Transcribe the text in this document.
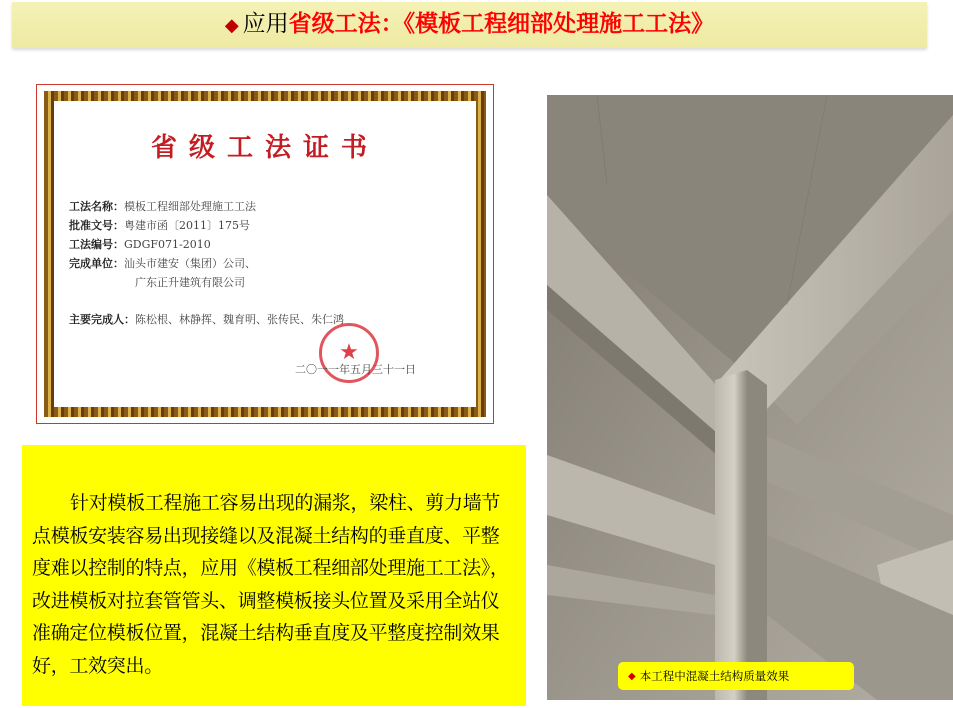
◆ 应用省级工法：《模板工程细部处理施工工法》
省级工法证书
工法名称： 模板工程细部处理施工工法
批准文号： 粤建市函〔2011〕175号
工法编号： GDGF071-2010
完成单位： 汕头市建安（集团）公司、
广东正升建筑有限公司
主要完成人： 陈松根、林静挥、魏育明、张传民、朱仁鸿
★
二〇一一年五月三十一日

针对模板工程施工容易出现的漏浆，梁柱、剪力墙节点模板安装容易出现接缝以及混凝土结构的垂直度、平整度难以控制的特点，应用《模板工程细部处理施工工法》，改进模板对拉套管管头、调整模板接头位置及采用全站仪准确定位模板位置，混凝土结构垂直度及平整度控制效果好，工效突出。	◆ 本工程中混凝土结构质量效果
